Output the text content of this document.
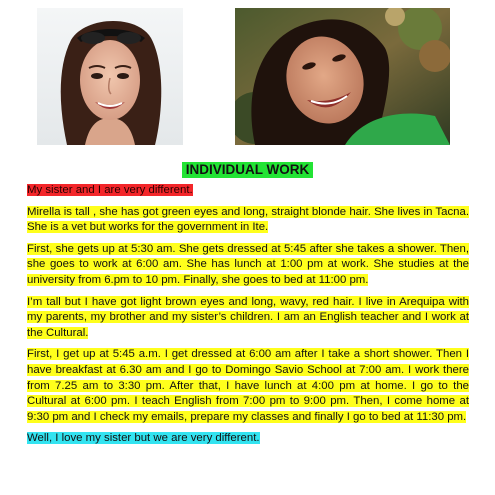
INDIVIDUAL WORK

My sister and I are very different.

Mirella is tall , she has got green eyes and long, straight blonde hair. She lives in Tacna. She is a vet but works for the government in Ite.

First, she gets up at 5:30 am. She gets dressed at 5:45 after she takes a shower. Then, she goes to work at 6:00 am. She has lunch at 1:00 pm at work. She studies at the university from 6.pm to 10 pm. Finally, she goes to bed at 11:00 pm.

I’m tall but I have got light brown eyes and long, wavy, red hair. I live in Arequipa with my parents, my brother and my sister’s children. I am an English teacher and I work at the Cultural.

First, I get up at 5:45 a.m. I get dressed at 6:00 am after I take a short shower. Then I have breakfast at 6.30 am and I go to Domingo Savio School at 7:00 am. I work there from 7.25 am to 3:30 pm. After that, I have lunch at 4:00 pm at home. I go to the Cultural at 6:00 pm. I teach English from 7:00 pm to 9:00 pm. Then, I come home at 9:30 pm and I check my emails, prepare my classes and finally I go to bed at 11:30 pm.

Well, I love my sister but we are very different.
